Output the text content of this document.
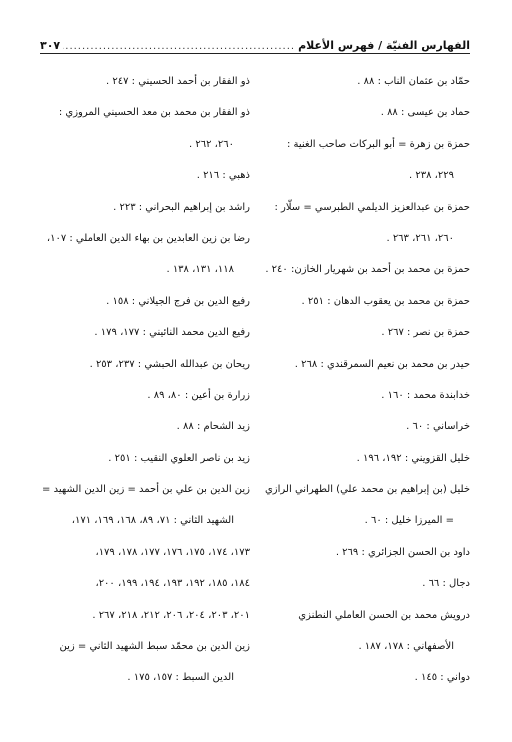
الفهارس الفنيّة / فهرس الأعلام
.....
٣٠٧
حمّاد بن عثمان الناب : ٨٨ .
حماد بن عيسى : ٨٨ .
حمزة بن زهرة = أبو البركات صاحب الغنية :
٢٢٩، ٢٣٨ .
حمزة بن عبدالعزيز الديلمي الطبرسي = سلّار :
٢٦٠، ٢٦١، ٢٦٣ .
حمزة بن محمد بن أحمد بن شهريار الخازن: ٢٤٠ .
حمزة بن محمد بن يعقوب الدهان : ٢٥١ .
حمزة بن نصر : ٢٦٧ .
حيدر بن محمد بن نعيم السمرقندي : ٢٦٨ .
خدابندة محمد : ١٦٠ .
خراساني : ٦٠ .
خليل القزويني : ١٩٢، ١٩٦ .
خليل (بن إبراهيم بن محمد علي) الطهراني الرازي
= الميرزا خليل : ٦٠ .
داود بن الحسن الجزائري : ٢٦٩ .
دجال : ٦٦ .
درويش محمد بن الحسن العاملي النطنزي
الأصفهاني : ١٧٨، ١٨٧ .
دواني : ١٤٥ .
ذو الفقار بن أحمد الحسيني : ٢٤٧ .
ذو الفقار بن محمد بن معد الحسيني المروزي :
٢٦٠، ٢٦٢ .
ذهبي : ٢١٦ .
راشد بن إبراهيم البحراني : ٢٢٣ .
رضا بن زين العابدين بن بهاء الدين العاملي : ١٠٧،
١١٨، ١٣١، ١٣٨ .
رفيع الدين بن فرج الجيلاني : ١٥٨ .
رفيع الدين محمد النائيني : ١٧٧، ١٧٩ .
ريحان بن عبدالله الحبشي : ٢٣٧، ٢٥٣ .
زرارة بن أعين : ٨٠، ٨٩ .
زيد الشحام : ٨٨ .
زيد بن ناصر العلوي النقيب : ٢٥١ .
زين الدين بن علي بن أحمد = زين الدين الشهيد =
الشهيد الثاني : ٧١، ٨٩، ١٦٨، ١٦٩، ١٧١،
١٧٣، ١٧٤، ١٧٥، ١٧٦، ١٧٧، ١٧٨، ١٧٩،
١٨٤، ١٨٥، ١٩٢، ١٩٣، ١٩٤، ١٩٩، ٢٠٠،
٢٠١، ٢٠٣، ٢٠٤، ٢٠٦، ٢١٢، ٢١٨، ٢٦٧ .
زين الدين بن محمّد سبط الشهيد الثاني = زين
الدين السبط : ١٥٧، ١٧٥ .
